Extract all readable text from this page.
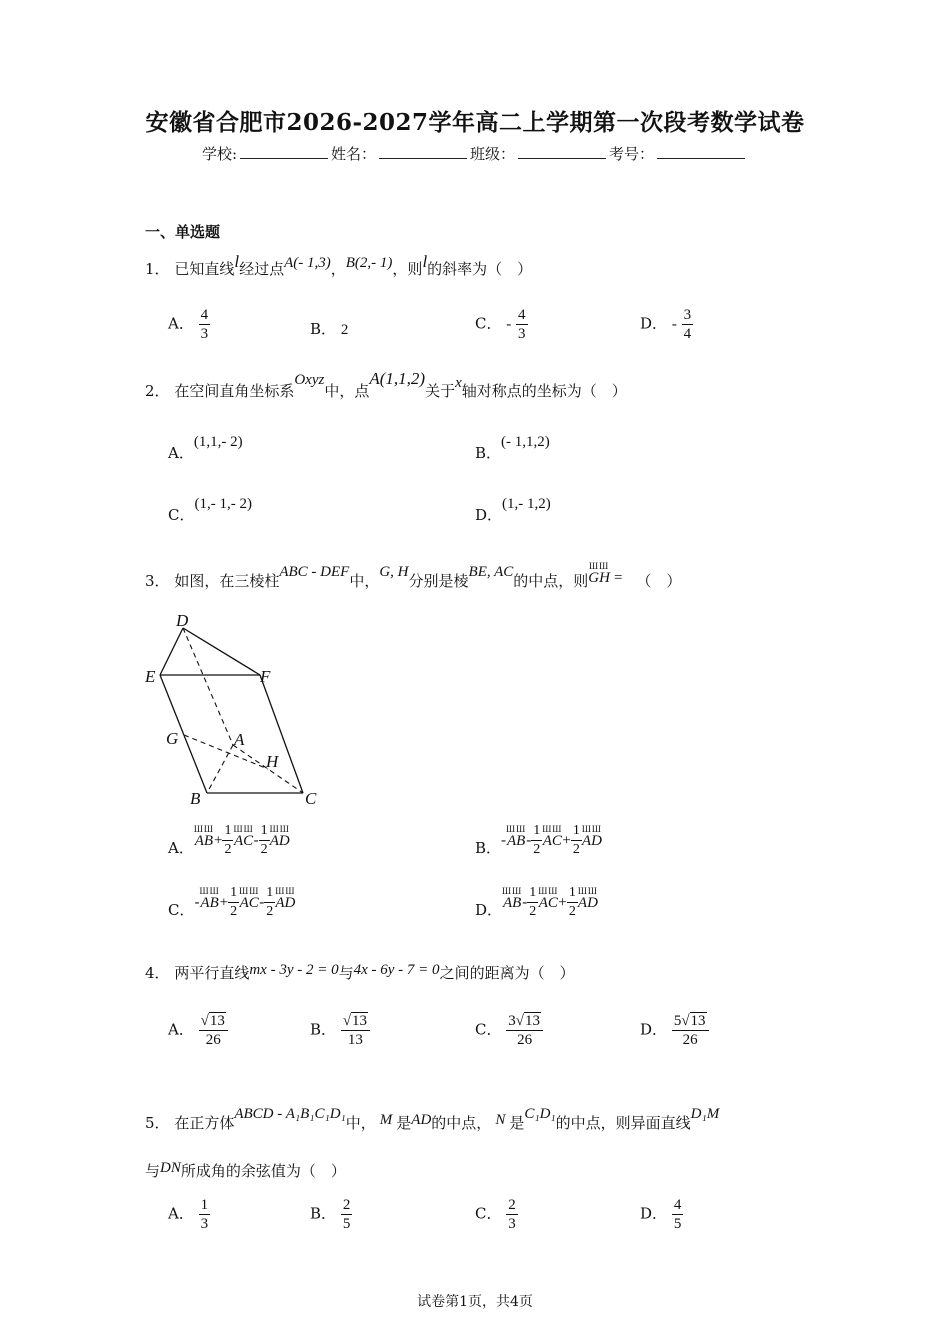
安徽省合肥市2026-2027学年高二上学期第一次段考数学试卷
学校:	姓名：	班级：	考号：
一、单选题
1． 已知直线l经过点A(- 1,3)，B(2,- 1)，则l的斜率为（　）
A． $\frac{4}{3}$	B． 2	C． - $\frac{4}{3}$	D． - $\frac{3}{4}$
2． 在空间直角坐标系Oxyz中，点A(1,1,2)关于x轴对称点的坐标为（　）
A．(1,1,- 2)
B．(- 1,1,2)
C．(1,- 1,- 2)
D．(1,- 1,2)
3． 如图，在三棱柱ABC - DEF中，G, H分别是棱BE, AC的中点，则
ШШ
GH = （　）
D
E	F
G	A
H
B	C
A．
ШШ
AB + $\frac{1}{2}$ ШШ
AC - $\frac{1}{2}$ ШШ
AD	B．-
ШШ
AB - $\frac{1}{2}$ ШШ
AC + $\frac{1}{2}$ ШШ
AD
C．-
ШШ
AB + $\frac{1}{2}$ ШШ
AC - $\frac{1}{2}$ ШШ
AD	D．
ШШ
AB - $\frac{1}{2}$ ШШ
AC + $\frac{1}{2}$ ШШ
AD
4． 两平行直线mx - 3y - 2 = 0与4x - 6y - 7 = 0之间的距离为（　）
A． $\frac{√13}{26}$	B． $\frac{√13}{13}$	C． $\frac{3√13}{26}$	D． $\frac{5√13}{26}$
5． 在正方体ABCD - A₁B₁C₁D₁中， M 是AD的中点， N 是C₁D₁的中点，则异面直线D₁M
与DN所成角的余弦值为（　）
A． $\frac{1}{3}$	B． $\frac{2}{5}$	C． $\frac{2}{3}$	D． $\frac{4}{5}$
试卷第1页，共4页
